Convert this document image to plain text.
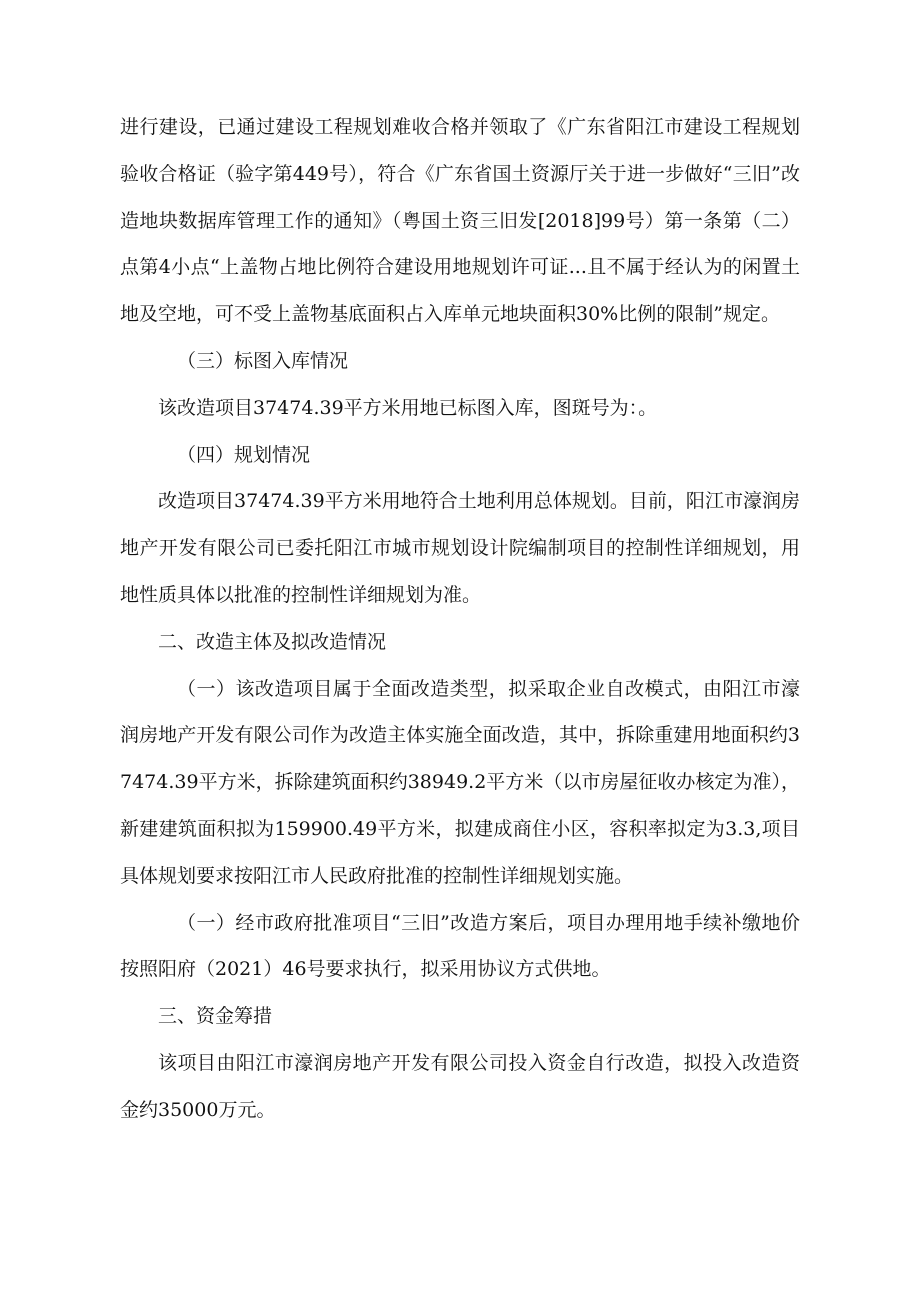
进行建设，已通过建设工程规划难收合格并领取了《广东省阳江市建设工程规划验收合格证（验字第449号），符合《广东省国土资源厅关于进一步做好“三旧”改造地块数据库管理工作的通知》（粤国土资三旧发[2018]99号）第一条第（二）点第4小点“上盖物占地比例符合建设用地规划许可证...且不属于经认为的闲置土地及空地，可不受上盖物基底面积占入库单元地块面积30%比例的限制”规定。

（三）标图入库情况

该改造项目37474.39平方米用地已标图入库，图斑号为：。

（四）规划情况

改造项目37474.39平方米用地符合土地利用总体规划。目前，阳江市濠润房地产开发有限公司已委托阳江市城市规划设计院编制项目的控制性详细规划，用地性质具体以批准的控制性详细规划为准。

二、改造主体及拟改造情况

（一）该改造项目属于全面改造类型，拟采取企业自改模式，由阳江市濠润房地产开发有限公司作为改造主体实施全面改造，其中，拆除重建用地面积约37474.39平方米，拆除建筑面积约38949.2平方米（以市房屋征收办核定为准），新建建筑面积拟为159900.49平方米，拟建成商住小区，容积率拟定为3.3,项目具体规划要求按阳江市人民政府批准的控制性详细规划实施。

（一）经市政府批准项目“三旧”改造方案后，项目办理用地手续补缴地价按照阳府（2021）46号要求执行，拟采用协议方式供地。

三、资金筹措

该项目由阳江市濠润房地产开发有限公司投入资金自行改造，拟投入改造资金约35000万元。
